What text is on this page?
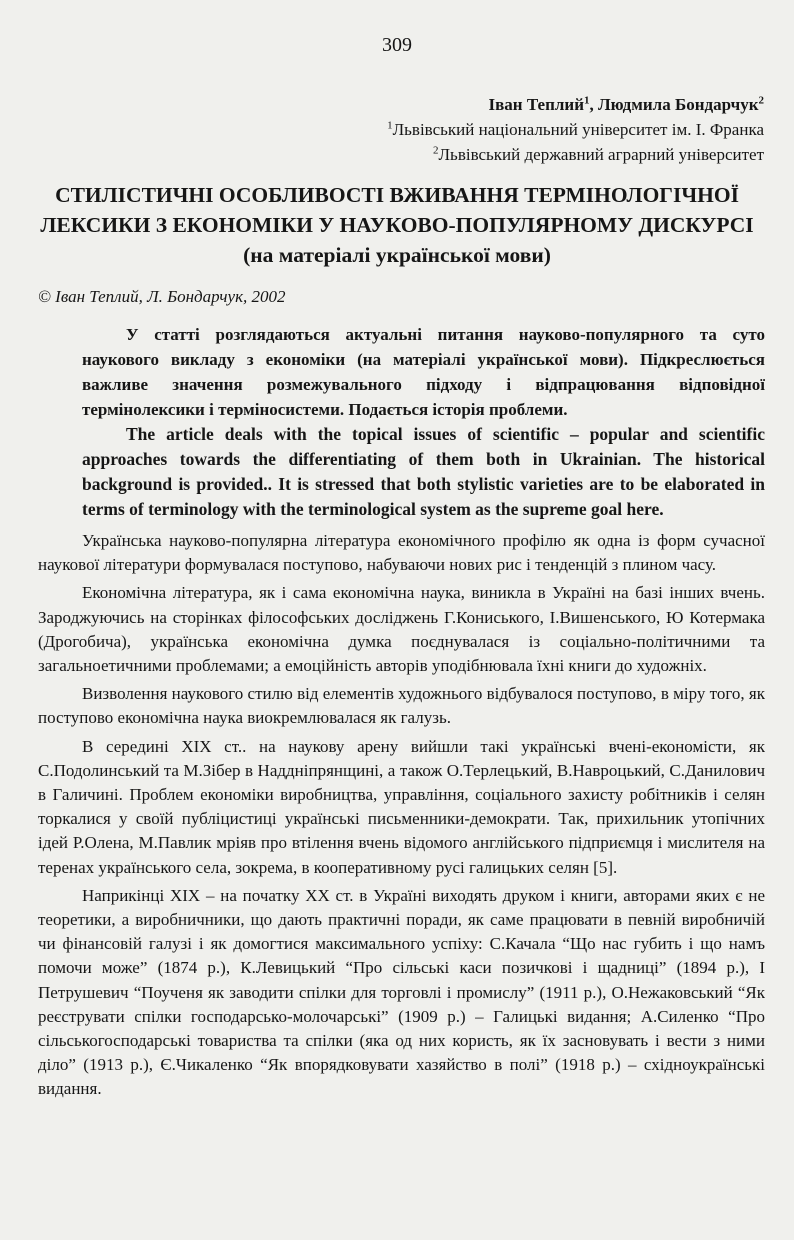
309
Іван Теплий$^1$, Людмила Бондарчук$^2$
$^1$Львівський національний університет ім. І. Франка
$^2$Львівський державний аграрний університет
СТИЛІСТИЧНІ ОСОБЛИВОСТІ ВЖИВАННЯ ТЕРМІНОЛОГІЧНОЇ
ЛЕКСИКИ З ЕКОНОМІКИ У НАУКОВО-ПОПУЛЯРНОМУ ДИСКУРСІ
(на матеріалі української мови)
© Іван Теплий, Л. Бондарчук, 2002

У статті розглядаються актуальні питання науково-популярного та суто наукового викладу з економіки (на матеріалі української мови). Підкреслюється важливе значення розмежувального підходу і відпрацювання відповідної термінолексики і терміносистеми. Подається історія проблеми.

The article deals with the topical issues of scientific – popular and scientific approaches towards the differentiating of them both in Ukrainian. The historical background is provided.. It is stressed that both stylistic varieties are to be elaborated in terms of terminology with the terminological system as the supreme goal here.

Українська науково-популярна література економічного профілю як одна із форм сучасної наукової літератури формувалася поступово, набуваючи нових рис і тенденцій з плином часу.

Економічна література, як і сама економічна наука, виникла в Україні на базі інших вчень. Зароджуючись на сторінках філософських досліджень Г.Кониського, І.Вишенського, Ю Котермака (Дрогобича), українська економічна думка поєднувалася із соціально-політичними та загальноетичними проблемами; а емоційність авторів уподібнювала їхні книги до художніх.

Визволення наукового стилю від елементів художнього відбувалося поступово, в міру того, як поступово економічна наука виокремлювалася як галузь.

В середині XIX ст.. на наукову арену вийшли такі українські вчені-економісти, як С.Подолинський та М.Зібер в Наддніпрянщині, а також О.Терлецький, В.Навроцький, С.Данилович в Галичині. Проблем економіки виробництва, управління, соціального захисту робітників і селян торкалися у своїй публіцистиці українські письменники-демократи. Так, прихильник утопічних ідей Р.Олена, М.Павлик мріяв про втілення вчень відомого англійського підприємця і мислителя на теренах українського села, зокрема, в кооперативному русі галицьких селян [5].

Наприкінці XIX – на початку XX ст. в Україні виходять друком і книги, авторами яких є не теоретики, а виробничники, що дають практичні поради, як саме працювати в певній виробничій чи фінансовій галузі і як домогтися максимального успіху: С.Качала “Що нас губить і що намъ помочи може” (1874 р.), К.Левицький “Про сільські каси позичкові і щадниці” (1894 р.), І Петрушевич “Поученя як заводити спілки для торговлі і промислу” (1911 р.), О.Нежаковський “Як реєструвати спілки господарсько-молочарські” (1909 р.) – Галицькі видання; А.Силенко “Про сільськогосподарські товариства та спілки (яка од них користь, як їх засновувать і вести з ними діло” (1913 р.), Є.Чикаленко “Як впорядковувати хазяйство в полі” (1918 р.) – східноукраїнські видання.
